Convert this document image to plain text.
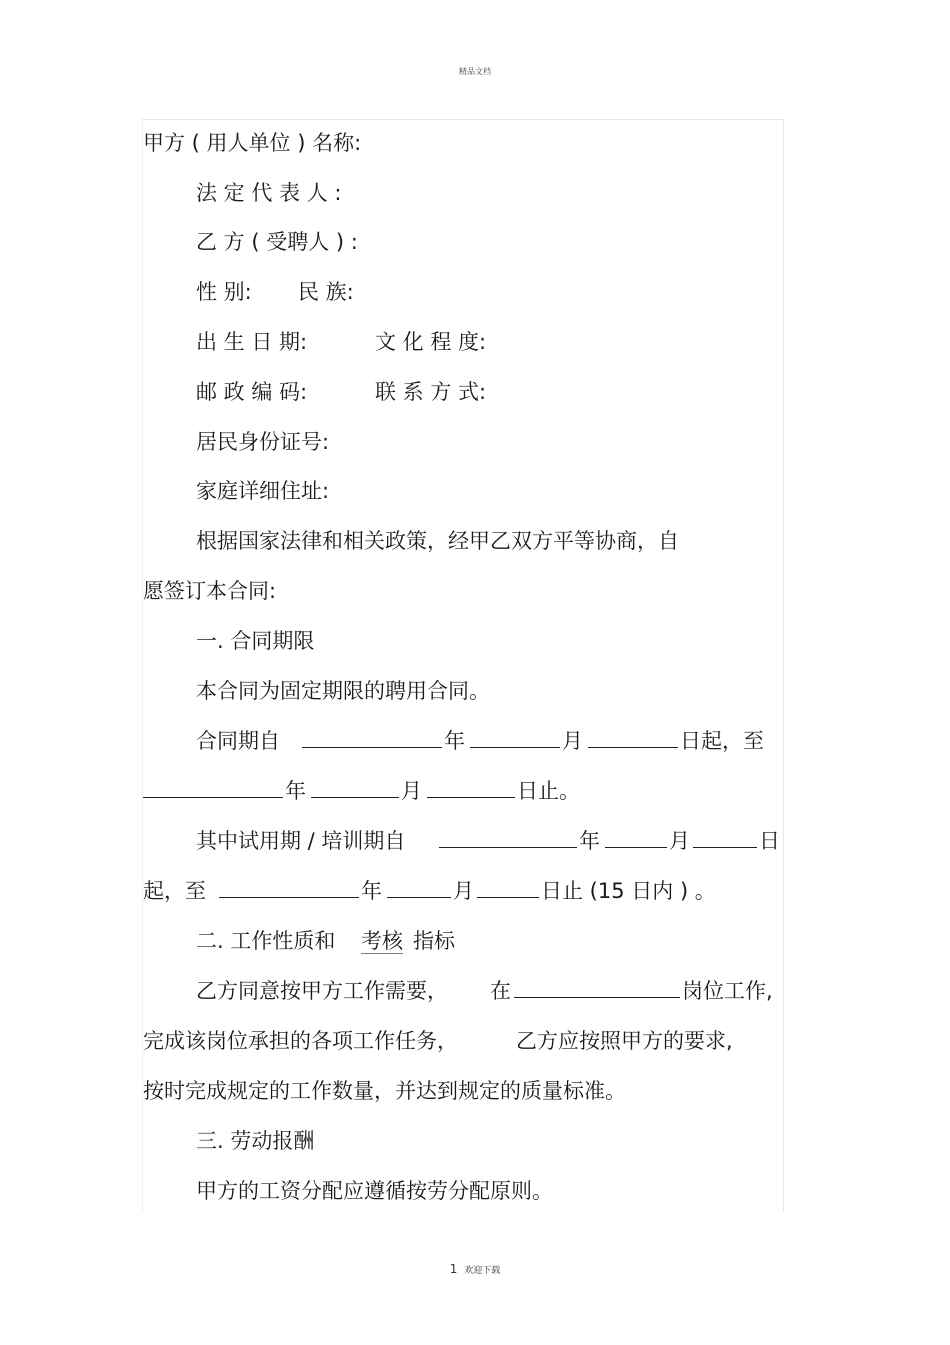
精品文档
甲方 ( 用人单位 ) 名称:
法 定 代 表 人 :
乙 方 ( 受聘人 ) :
性 别: 民 族:
出 生 日 期:	文 化 程 度:
邮 政 编 码:	联 系 方 式:
居民身份证号:
家庭详细住址:
根据国家法律和相关政策，经甲乙双方平等协商，自
愿签订本合同:
一. 合同期限
本合同为固定期限的聘用合同。
合同期自	年	月	日起，至
年	月	日止。
其中试用期 / 培训期自	年	月	日
起，至	年	月	日止 (15 日内 ) 。
二. 工作性质和 考核 指标
乙方同意按甲方工作需要， 在	岗位工作,
完成该岗位承担的各项工作任务，	乙方应按照甲方的要求,
按时完成规定的工作数量，并达到规定的质量标准。
三. 劳动报酬
甲方的工资分配应遵循按劳分配原则。
1 欢迎下载
